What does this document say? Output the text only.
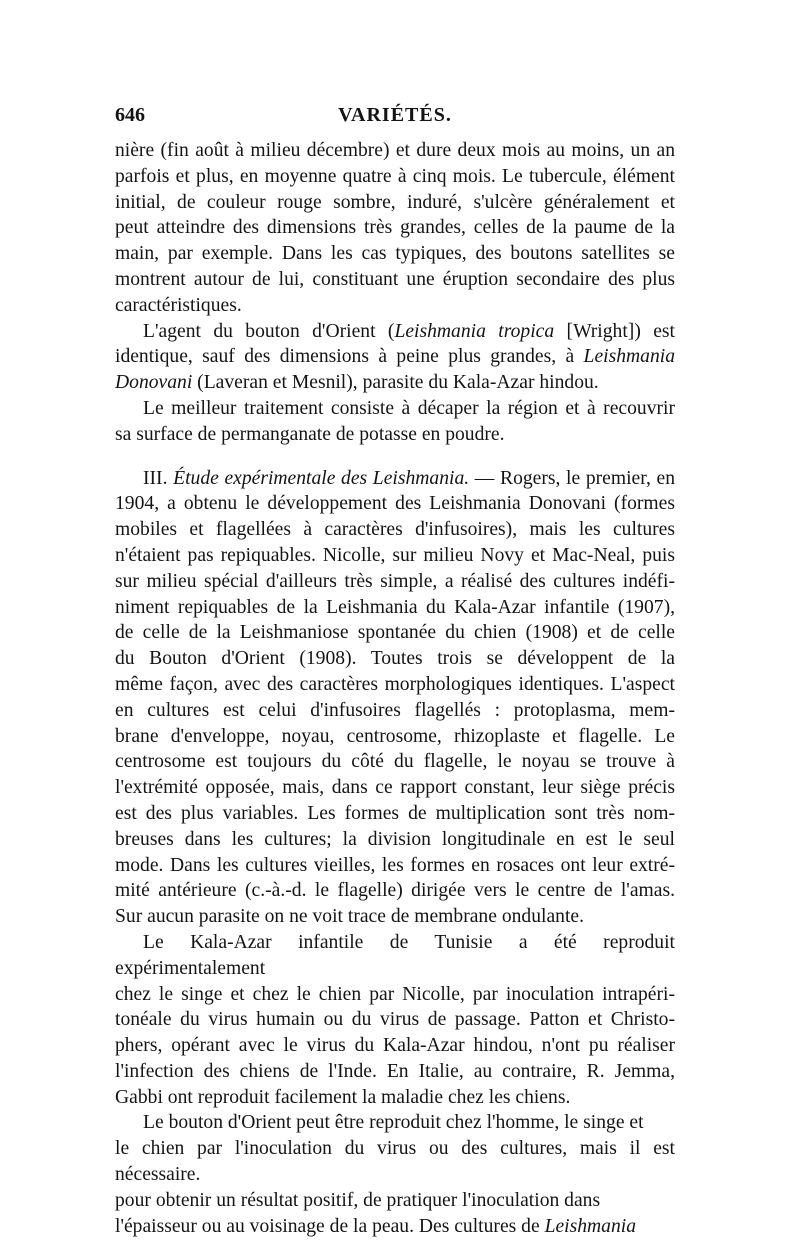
646	VARIÉTÉS.

nière (fin août à milieu décembre) et dure deux mois au moins, un an
parfois et plus, en moyenne quatre à cinq mois. Le tubercule, élément
initial, de couleur rouge sombre, induré, s'ulcère généralement et
peut atteindre des dimensions très grandes, celles de la paume de la
main, par exemple. Dans les cas typiques, des boutons satellites se
montrent autour de lui, constituant une éruption secondaire des plus
caractéristiques.

L'agent du bouton d'Orient (Leishmania tropica [Wright]) est
identique, sauf des dimensions à peine plus grandes, à Leishmania
Donovani (Laveran et Mesnil), parasite du Kala-Azar hindou.

Le meilleur traitement consiste à décaper la région et à recouvrir
sa surface de permanganate de potasse en poudre.

III. Étude expérimentale des Leishmania. — Rogers, le premier, en
1904, a obtenu le développement des Leishmania Donovani (formes
mobiles et flagellées à caractères d'infusoires), mais les cultures
n'étaient pas repiquables. Nicolle, sur milieu Novy et Mac-Neal, puis
sur milieu spécial d'ailleurs très simple, a réalisé des cultures indéfi-
niment repiquables de la Leishmania du Kala-Azar infantile (1907),
de celle de la Leishmaniose spontanée du chien (1908) et de celle
du Bouton d'Orient (1908). Toutes trois se développent de la
même façon, avec des caractères morphologiques identiques. L'aspect
en cultures est celui d'infusoires flagellés : protoplasma, mem-
brane d'enveloppe, noyau, centrosome, rhizoplaste et flagelle. Le
centrosome est toujours du côté du flagelle, le noyau se trouve à
l'extrémité opposée, mais, dans ce rapport constant, leur siège précis
est des plus variables. Les formes de multiplication sont très nom-
breuses dans les cultures; la division longitudinale en est le seul
mode. Dans les cultures vieilles, les formes en rosaces ont leur extré-
mité antérieure (c.-à.-d. le flagelle) dirigée vers le centre de l'amas.
Sur aucun parasite on ne voit trace de membrane ondulante.

Le Kala-Azar infantile de Tunisie a été reproduit expérimentalement
chez le singe et chez le chien par Nicolle, par inoculation intrapéri-
tonéale du virus humain ou du virus de passage. Patton et Christo-
phers, opérant avec le virus du Kala-Azar hindou, n'ont pu réaliser
l'infection des chiens de l'Inde. En Italie, au contraire, R. Jemma,
Gabbi ont reproduit facilement la maladie chez les chiens.

Le bouton d'Orient peut être reproduit chez l'homme, le singe et
le chien par l'inoculation du virus ou des cultures, mais il est nécessaire.
pour obtenir un résultat positif, de pratiquer l'inoculation dans
l'épaisseur ou au voisinage de la peau. Des cultures de Leishmania
